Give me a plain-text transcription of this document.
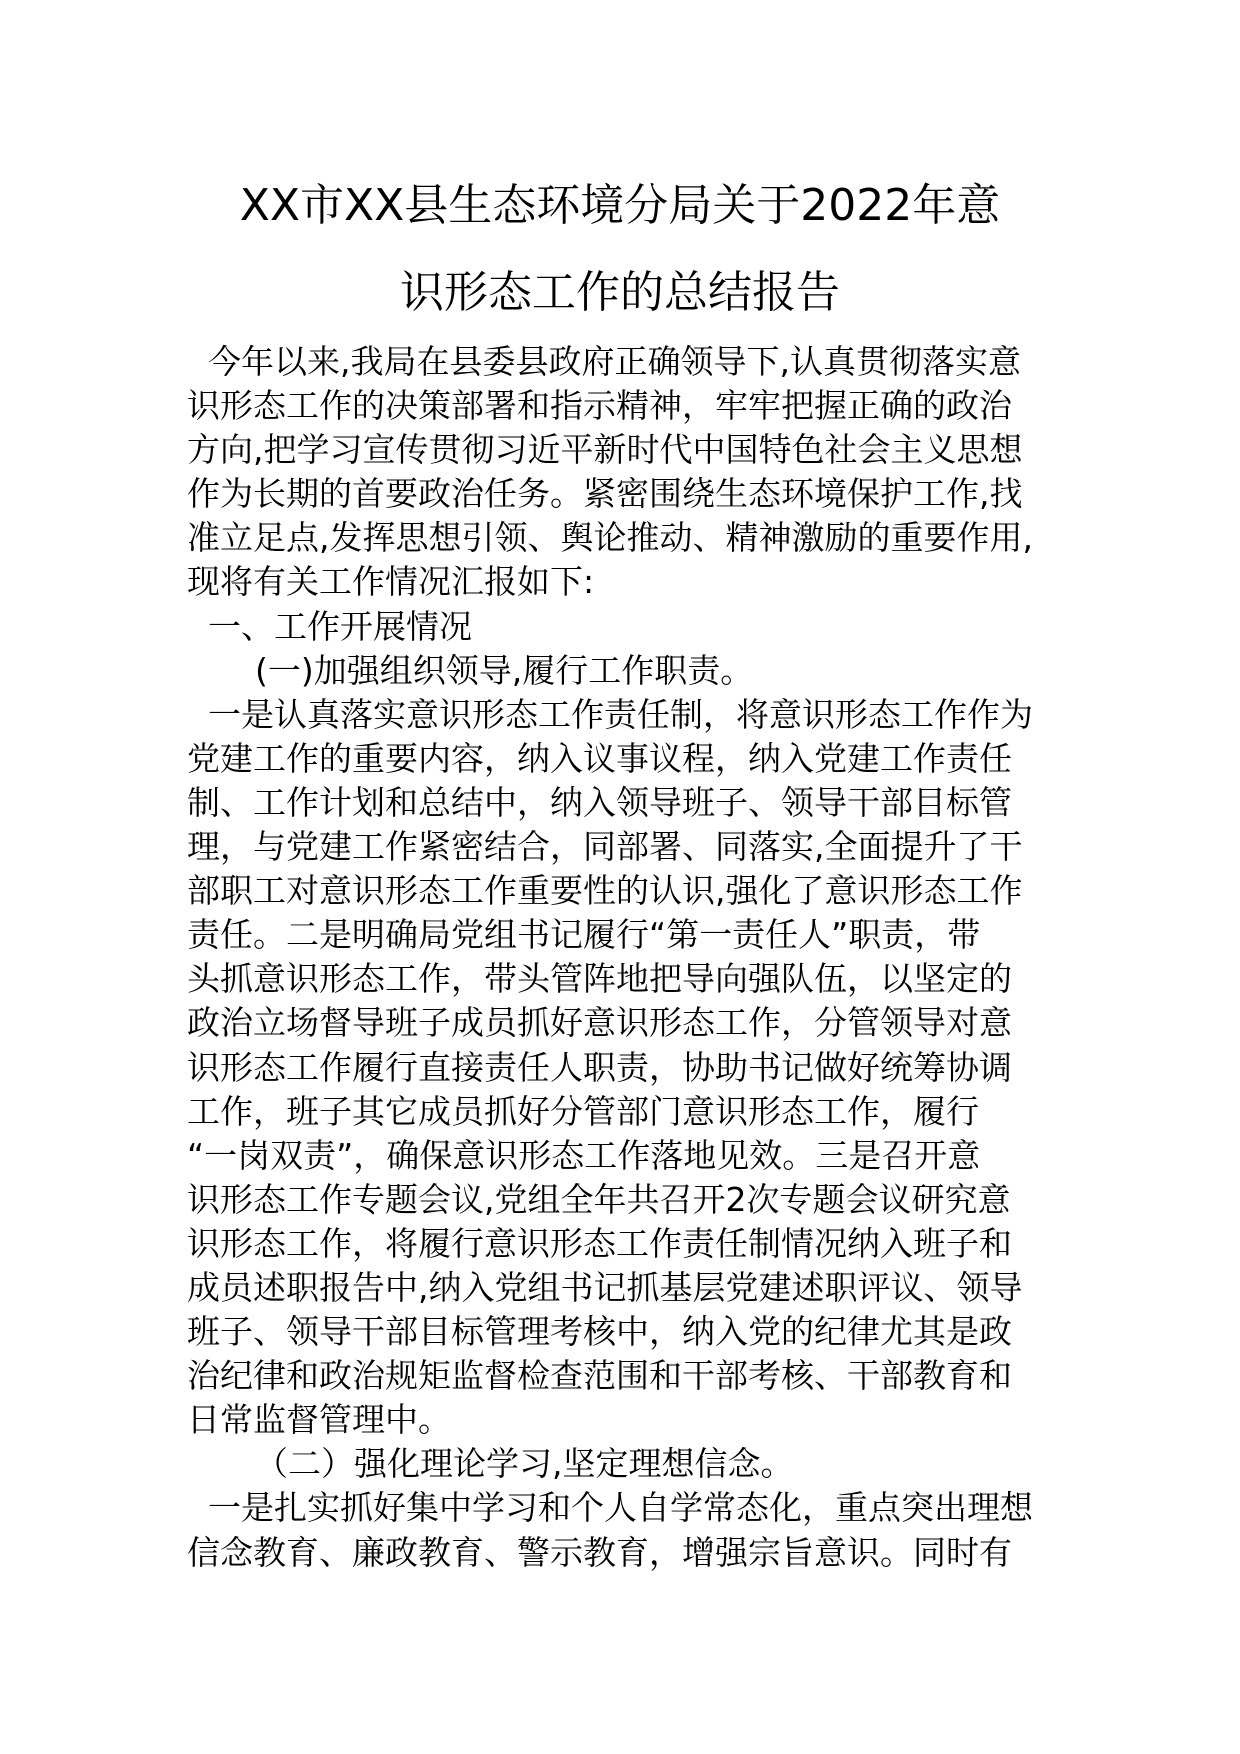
XX市XX县生态环境分局关于2022年意
识形态工作的总结报告
今年以来,我局在县委县政府正确领导下,认真贯彻落实意
识形态工作的决策部署和指示精神，牢牢把握正确的政治
方向,把学习宣传贯彻习近平新时代中国特色社会主义思想
作为长期的首要政治任务。紧密围绕生态环境保护工作,找
准立足点,发挥思想引领、舆论推动、精神激励的重要作用,
现将有关工作情况汇报如下:
一、工作开展情况
(一)加强组织领导,履行工作职责。
一是认真落实意识形态工作责任制，将意识形态工作作为
党建工作的重要内容，纳入议事议程，纳入党建工作责任
制、工作计划和总结中，纳入领导班子、领导干部目标管
理，与党建工作紧密结合，同部署、同落实,全面提升了干
部职工对意识形态工作重要性的认识,强化了意识形态工作
责任。二是明确局党组书记履行“第一责任人”职责，带
头抓意识形态工作，带头管阵地把导向强队伍，以坚定的
政治立场督导班子成员抓好意识形态工作，分管领导对意
识形态工作履行直接责任人职责，协助书记做好统筹协调
工作，班子其它成员抓好分管部门意识形态工作，履行
“一岗双责”，确保意识形态工作落地见效。三是召开意
识形态工作专题会议,党组全年共召开2次专题会议研究意
识形态工作，将履行意识形态工作责任制情况纳入班子和
成员述职报告中,纳入党组书记抓基层党建述职评议、领导
班子、领导干部目标管理考核中，纳入党的纪律尤其是政
治纪律和政治规矩监督检查范围和干部考核、干部教育和
日常监督管理中。
（二）强化理论学习,坚定理想信念。
一是扎实抓好集中学习和个人自学常态化，重点突出理想
信念教育、廉政教育、警示教育，增强宗旨意识。同时有
